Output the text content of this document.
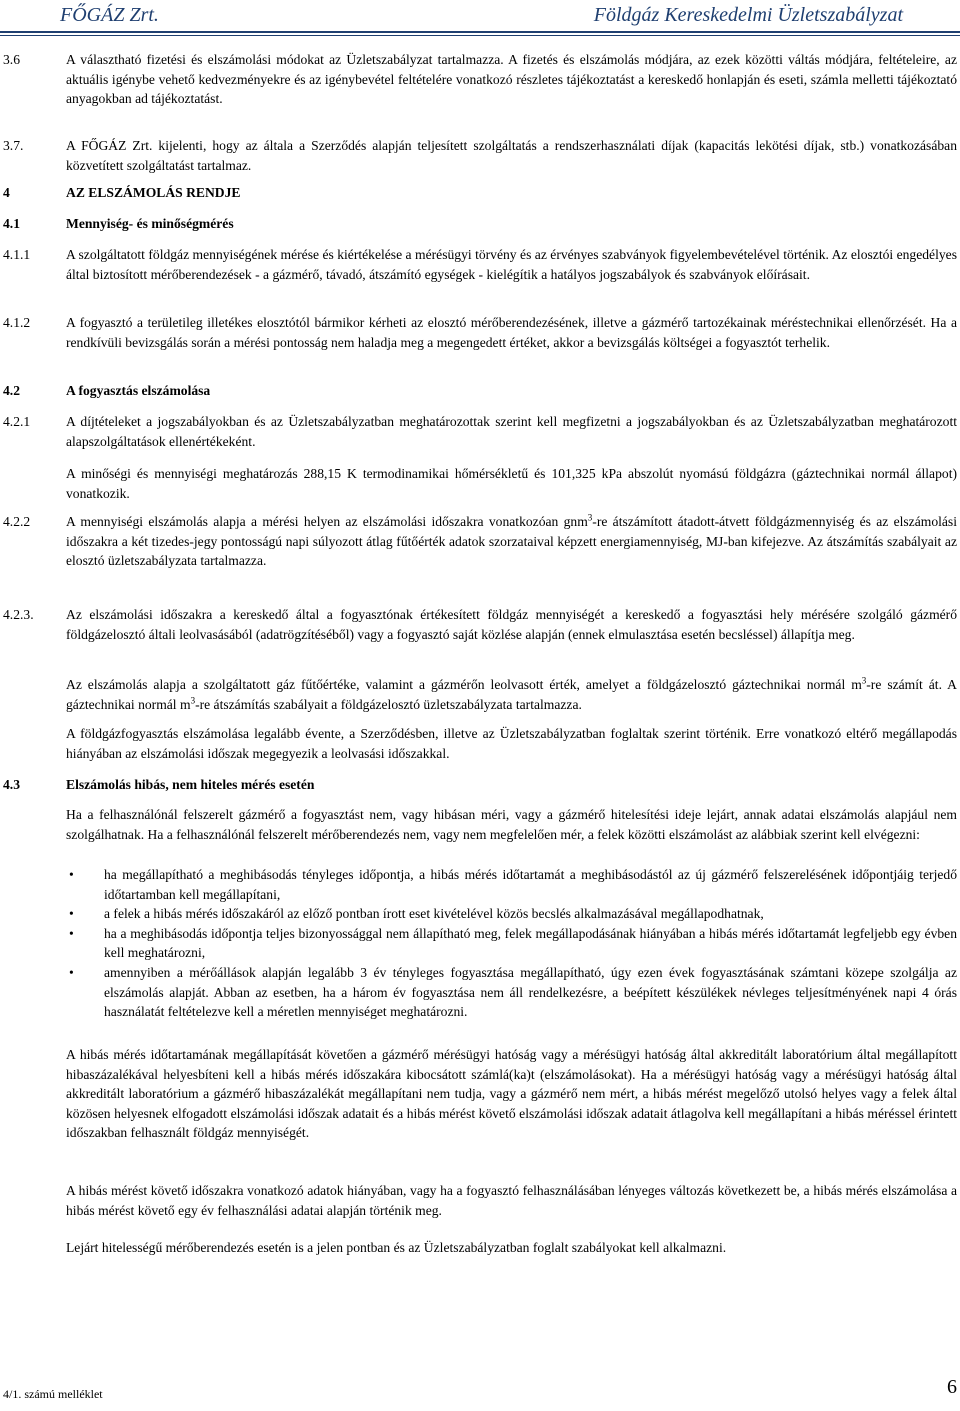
FŐGÁZ Zrt.	Földgáz Kereskedelmi Üzletszabályzat
3.6	A választható fizetési és elszámolási módokat az Üzletszabályzat tartalmazza. A fizetés és elszámolás módjára, az ezek közötti váltás módjára, feltételeire, az aktuális igénybe vehető kedvezményekre és az igénybevétel feltételére vonatkozó részletes tájékoztatást a kereskedő honlapján és eseti, számla melletti tájékoztató anyagokban ad tájékoztatást.
3.7.	A FŐGÁZ Zrt. kijelenti, hogy az általa a Szerződés alapján teljesített szolgáltatás a rendszerhasználati díjak (kapacitás lekötési díjak, stb.) vonatkozásában közvetített szolgáltatást tartalmaz.
4	AZ ELSZÁMOLÁS RENDJE
4.1	Mennyiség- és minőségmérés
4.1.1	A szolgáltatott földgáz mennyiségének mérése és kiértékelése a mérésügyi törvény és az érvényes szabványok figyelembevételével történik. Az elosztói engedélyes által biztosított mérőberendezések - a gázmérő, távadó, átszámító egységek - kielégítik a hatályos jogszabályok és szabványok előírásait.
4.1.2	A fogyasztó a területileg illetékes elosztótól bármikor kérheti az elosztó mérőberendezésének, illetve a gázmérő tartozékainak méréstechnikai ellenőrzését. Ha a rendkívüli bevizsgálás során a mérési pontosság nem haladja meg a megengedett értéket, akkor a bevizsgálás költségei a fogyasztót terhelik.
4.2	A fogyasztás elszámolása
4.2.1	A díjtételeket a jogszabályokban és az Üzletszabályzatban meghatározottak szerint kell megfizetni a jogszabályokban és az Üzletszabályzatban meghatározott alapszolgáltatások ellenértékeként.
A minőségi és mennyiségi meghatározás 288,15 K termodinamikai hőmérsékletű és 101,325 kPa abszolút nyomású földgázra (gáztechnikai normál állapot) vonatkozik.
4.2.2	A mennyiségi elszámolás alapja a mérési helyen az elszámolási időszakra vonatkozóan gnm$^3$-re átszámított átadott-átvett földgázmennyiség és az elszámolási időszakra a két tizedes-jegy pontosságú napi súlyozott átlag fűtőérték adatok szorzataival képzett energiamennyiség, MJ-ban kifejezve. Az átszámítás szabályait az elosztó üzletszabályzata tartalmazza.
4.2.3. Az elszámolási időszakra a kereskedő által a fogyasztónak értékesített földgáz mennyiségét a kereskedő a fogyasztási hely mérésére szolgáló gázmérő földgázelosztó általi leolvasásából (adatrögzítéséből) vagy a fogyasztó saját közlése alapján (ennek elmulasztása esetén becsléssel) állapítja meg.
Az elszámolás alapja a szolgáltatott gáz fűtőértéke, valamint a gázmérőn leolvasott érték, amelyet a földgázelosztó gáztechnikai normál $m^3-re$ számít át. A gáztechnikai normál $m^3-re$ átszámítás szabályait a földgázelosztó üzletszabályzata tartalmazza.
A földgázfogyasztás elszámolása legalább évente, a Szerződésben, illetve az Üzletszabályzatban foglaltak szerint történik. Erre vonatkozó eltérő megállapodás hiányában az elszámolási időszak megegyezik a leolvasási időszakkal.
4.3	Elszámolás hibás, nem hiteles mérés esetén
Ha a felhasználónál felszerelt gázmérő a fogyasztást nem, vagy hibásan méri, vagy a gázmérő hitelesítési ideje lejárt, annak adatai elszámolás alapjául nem szolgálhatnak. Ha a felhasználónál felszerelt mérőberendezés nem, vagy nem megfelelően mér, a felek közötti elszámolást az alábbiak szerint kell elvégezni:
• ha megállapítható a meghibásodás tényleges időpontja, a hibás mérés időtartamát a meghibásodástól az új gázmérő felszerelésének időpontjáig terjedő időtartamban kell megállapítani,
• a felek a hibás mérés időszakáról az előző pontban írott eset kivételével közös becslés alkalmazásával megállapodhatnak,
• ha a meghibásodás időpontja teljes bizonyossággal nem állapítható meg, felek megállapodásának hiányában a hibás mérés időtartamát legfeljebb egy évben kell meghatározni,
• amennyiben a mérőállások alapján legalább 3 év tényleges fogyasztása megállapítható, úgy ezen évek fogyasztásának számtani közepe szolgálja az elszámolás alapját. Abban az esetben, ha a három év fogyasztása nem áll rendelkezésre, a beépített készülékek névleges teljesítményének napi 4 órás használatát feltételezve kell a méretlen mennyiséget meghatározni.
A hibás mérés időtartamának megállapítását követően a gázmérő mérésügyi hatóság vagy a mérésügyi hatóság által akkreditált laboratórium által megállapított hibaszázalékával helyesbíteni kell a hibás mérés időszakára kibocsátott számlá(ka)t (elszámolásokat). Ha a mérésügyi hatóság vagy a mérésügyi hatóság által akkreditált laboratórium a gázmérő hibaszázalékát megállapítani nem tudja, vagy a gázmérő nem mért, a hibás mérést megelőző utolsó helyes vagy a felek által közösen helyesnek elfogadott elszámolási időszak adatait és a hibás mérést követő elszámolási időszak adatait átlagolva kell megállapítani a hibás méréssel érintett időszakban felhasznált földgáz mennyiségét.
A hibás mérést követő időszakra vonatkozó adatok hiányában, vagy ha a fogyasztó felhasználásában lényeges változás következett be, a hibás mérés elszámolása a hibás mérést követő egy év felhasználási adatai alapján történik meg.
Lejárt hitelességű mérőberendezés esetén is a jelen pontban és az Üzletszabályzatban foglalt szabályokat kell alkalmazni.
4/1. számú melléklet	6
